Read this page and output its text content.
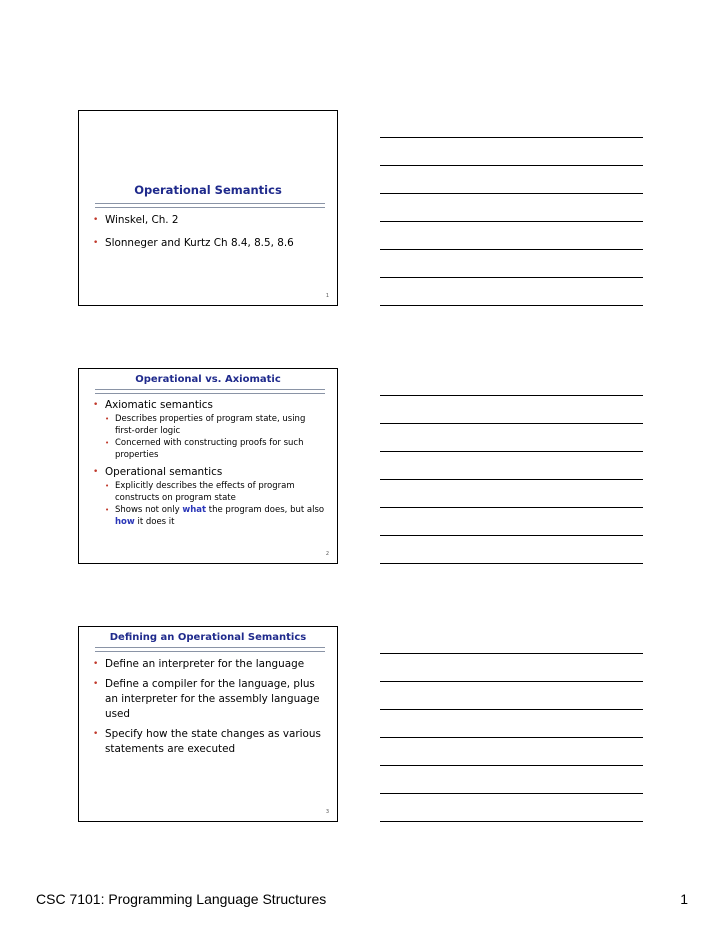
Operational Semantics
• Winskel, Ch. 2
• Slonneger and Kurtz Ch 8.4, 8.5, 8.6
1
Operational vs. Axiomatic
• Axiomatic semantics
• Describes properties of program state, using first-order logic
• Concerned with constructing proofs for such properties
• Operational semantics
• Explicitly describes the effects of program constructs on program state
• Shows not only what the program does, but also how it does it
2
Defining an Operational Semantics
• Define an interpreter for the language
• Define a compiler for the language, plus an interpreter for the assembly language used
• Specify how the state changes as various statements are executed
3
CSC 7101: Programming Language Structures	1
